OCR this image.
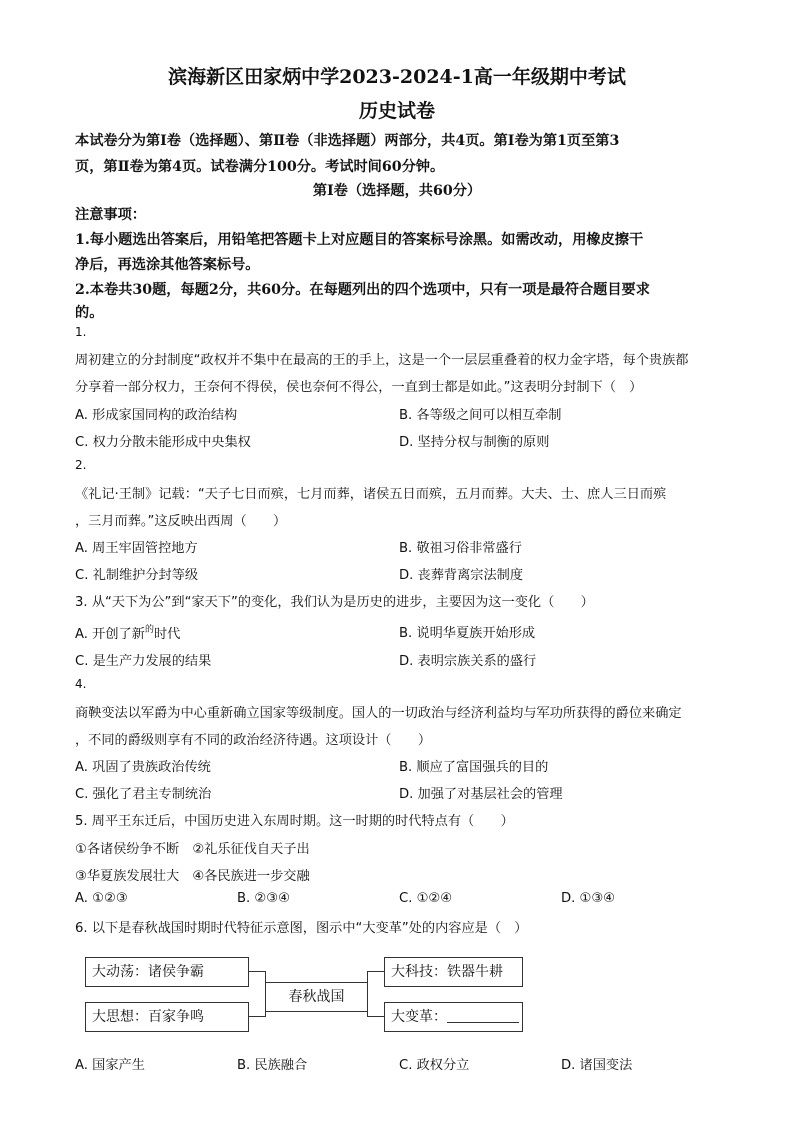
滨海新区田家炳中学2023-2024-1高一年级期中考试
历史试卷
本试卷分为第Ⅰ卷（选择题）、第Ⅱ卷（非选择题）两部分，共4页。第Ⅰ卷为第1页至第3
页，第Ⅱ卷为第4页。试卷满分100分。考试时间60分钟。
第Ⅰ卷（选择题，共60分）
注意事项：
1.每小题选出答案后，用铅笔把答题卡上对应题目的答案标号涂黑。如需改动，用橡皮擦干
净后，再选涂其他答案标号。
2.本卷共30题，每题2分，共60分。在每题列出的四个选项中，只有一项是最符合题目要求
的。
1.
周初建立的分封制度“政权并不集中在最高的王的手上，这是一个一层层重叠着的权力金字塔，每个贵族都
分享着一部分权力，王奈何不得侯，侯也奈何不得公，一直到士都是如此。”这表明分封制下（　）
A. 形成家国同构的政治结构	B. 各等级之间可以相互牵制
C. 权力分散未能形成中央集权	D. 坚持分权与制衡的原则
2.
《礼记·王制》记载：“天子七日而殡，七月而葬，诸侯五日而殡，五月而葬。大夫、士、庶人三日而殡
，三月而葬。”这反映出西周（　　）
A. 周王牢固管控地方	B. 敬祖习俗非常盛行
C. 礼制维护分封等级	D. 丧葬背离宗法制度
3. 从“天下为公”到“家天下”的变化，我们认为是历史的进步，主要因为这一变化（　　）
A. 开创了新$^的$时代	B. 说明华夏族开始形成
C. 是生产力发展的结果	D. 表明宗族关系的盛行
4.
商鞅变法以军爵为中心重新确立国家等级制度。国人的一切政治与经济利益均与军功所获得的爵位来确定
，不同的爵级则享有不同的政治经济待遇。这项设计（　　）
A. 巩固了贵族政治传统	B. 顺应了富国强兵的目的
C. 强化了君主专制统治	D. 加强了对基层社会的管理
5. 周平王东迁后，中国历史进入东周时期。这一时期的时代特点有（　　）
①各诸侯纷争不断　②礼乐征伐自天子出
③华夏族发展壮大　④各民族进一步交融
A. ①②③	B. ②③④	C. ①②④	D. ①③④
6. 以下是春秋战国时期时代特征示意图，图示中“大变革”处的内容应是（　）
大动荡：诸侯争霸
大思想：百家争鸣
春秋战国
大科技：铁器牛耕
大变革：
A. 国家产生	B. 民族融合	C. 政权分立	D. 诸国变法
